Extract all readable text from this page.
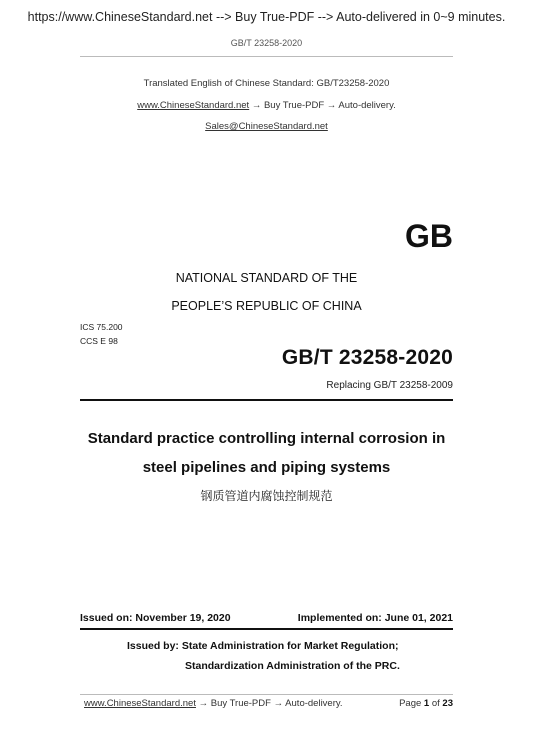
https://www.ChineseStandard.net --> Buy True-PDF --> Auto-delivered in 0~9 minutes.
GB/T 23258-2020
Translated English of Chinese Standard: GB/T23258-2020
www.ChineseStandard.net → Buy True-PDF → Auto-delivery.
Sales@ChineseStandard.net
GB
NATIONAL STANDARD OF THE
PEOPLE’S REPUBLIC OF CHINA
ICS 75.200
CCS E 98
GB/T 23258-2020
Replacing GB/T 23258-2009
Standard practice controlling internal corrosion in
steel pipelines and piping systems
钢质管道内腐蚀控制规范
Issued on: November 19, 2020	Implemented on: June 01, 2021
Issued by: State Administration for Market Regulation;
Standardization Administration of the PRC.
www.ChineseStandard.net → Buy True-PDF → Auto-delivery.	Page 1 of 23
